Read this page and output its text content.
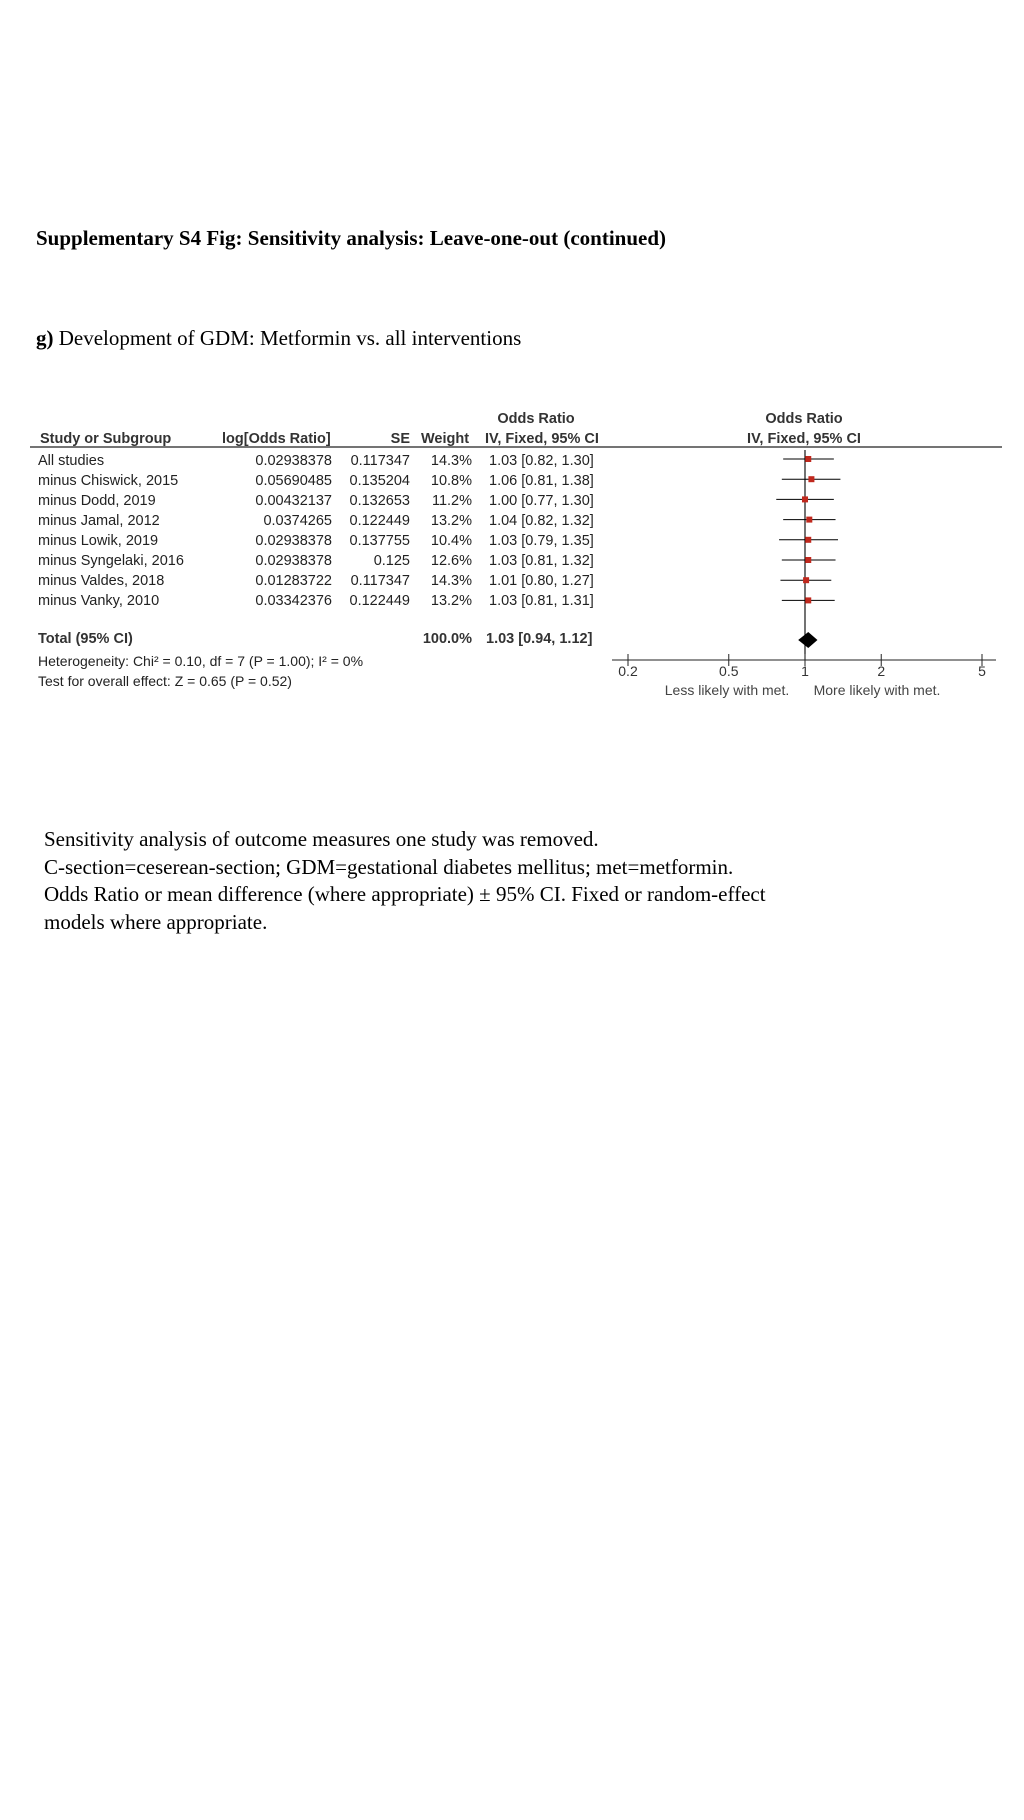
Supplementary S4 Fig: Sensitivity analysis: Leave-one-out (continued)
g) Development of GDM: Metformin vs. all interventions
Odds Ratio	Odds Ratio
Study or Subgroup	log[Odds Ratio]	SE Weight IV, Fixed, 95% CI	IV, Fixed, 95% CI
All studies	0.02938378	0.117347	14.3% 1.03 [0.82, 1.30]
minus Chiswick, 2015	0.05690485	0.135204	10.8% 1.06 [0.81, 1.38]
minus Dodd, 2019	0.00432137	0.132653	11.2% 1.00 [0.77, 1.30]
minus Jamal, 2012	0.0374265	0.122449	13.2% 1.04 [0.82, 1.32]
minus Lowik, 2019	0.02938378	0.137755	10.4% 1.03 [0.79, 1.35]
minus Syngelaki, 2016	0.02938378	0.125	12.6% 1.03 [0.81, 1.32]
minus Valdes, 2018	0.01283722	0.117347	14.3% 1.01 [0.80, 1.27]
minus Vanky, 2010	0.03342376	0.122449	13.2% 1.03 [0.81, 1.31]
Total (95% CI)	100.0% 1.03 [0.94, 1.12]
Heterogeneity: Chi² = 0.10, df = 7 (P = 1.00); I² = 0%
Test for overall effect: Z = 0.65 (P = 0.52)
0.2	0.5	1	2	5
Less likely with met. More likely with met.
Sensitivity analysis of outcome measures one study was removed.
C-section=ceserean-section; GDM=gestational diabetes mellitus; met=metformin.
Odds Ratio or mean difference (where appropriate) ± 95% CI. Fixed or random-effect
models where appropriate.
